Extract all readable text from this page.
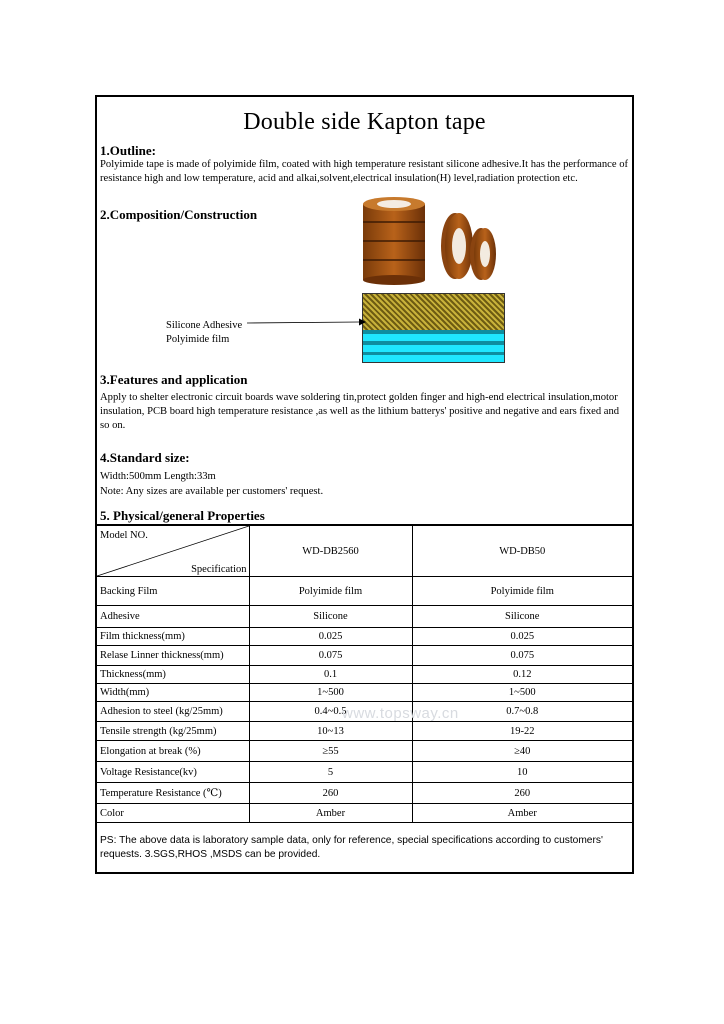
Double side Kapton tape
1.Outline:
Polyimide tape is made of polyimide film, coated with high temperature resistant silicone adhesive.It has the performance of resistance high and low temperature, acid and alkai,solvent,electrical insulation(H) level,radiation protection etc.
2.Composition/Construction
Silicone Adhesive
Polyimide film
3.Features and application
Apply to shelter electronic circuit boards wave soldering tin,protect golden finger and high-end electrical insulation,motor insulation, PCB board high temperature resistance ,as well as the lithium batterys' positive and negative and ears fixed and so on.
4.Standard size:
Width:500mm Length:33m
Note: Any sizes are available per customers' request.
5. Physical/general Properties
Model NO.
Specification	WD-DB2560	WD-DB50
Backing Film	Polyimide film	Polyimide film
Adhesive	Silicone	Silicone
Film thickness(mm)	0.025	0.025
Relase Linner thickness(mm)	0.075	0.075
Thickness(mm)	0.1	0.12
Width(mm)	1~500	1~500
Adhesion to steel (kg/25mm)	0.4~0.5	0.7~0.8
Tensile strength (kg/25mm)	10~13	19-22
Elongation at break (%)	≥55	≥40
Voltage Resistance(kv)	5	10
Temperature Resistance (℃)	260	260
Color	Amber	Amber
PS: The above data is laboratory sample data, only for reference, special specifications according to customers' requests. 3.SGS,RHOS ,MSDS can be provided.
www.topsway.cn
